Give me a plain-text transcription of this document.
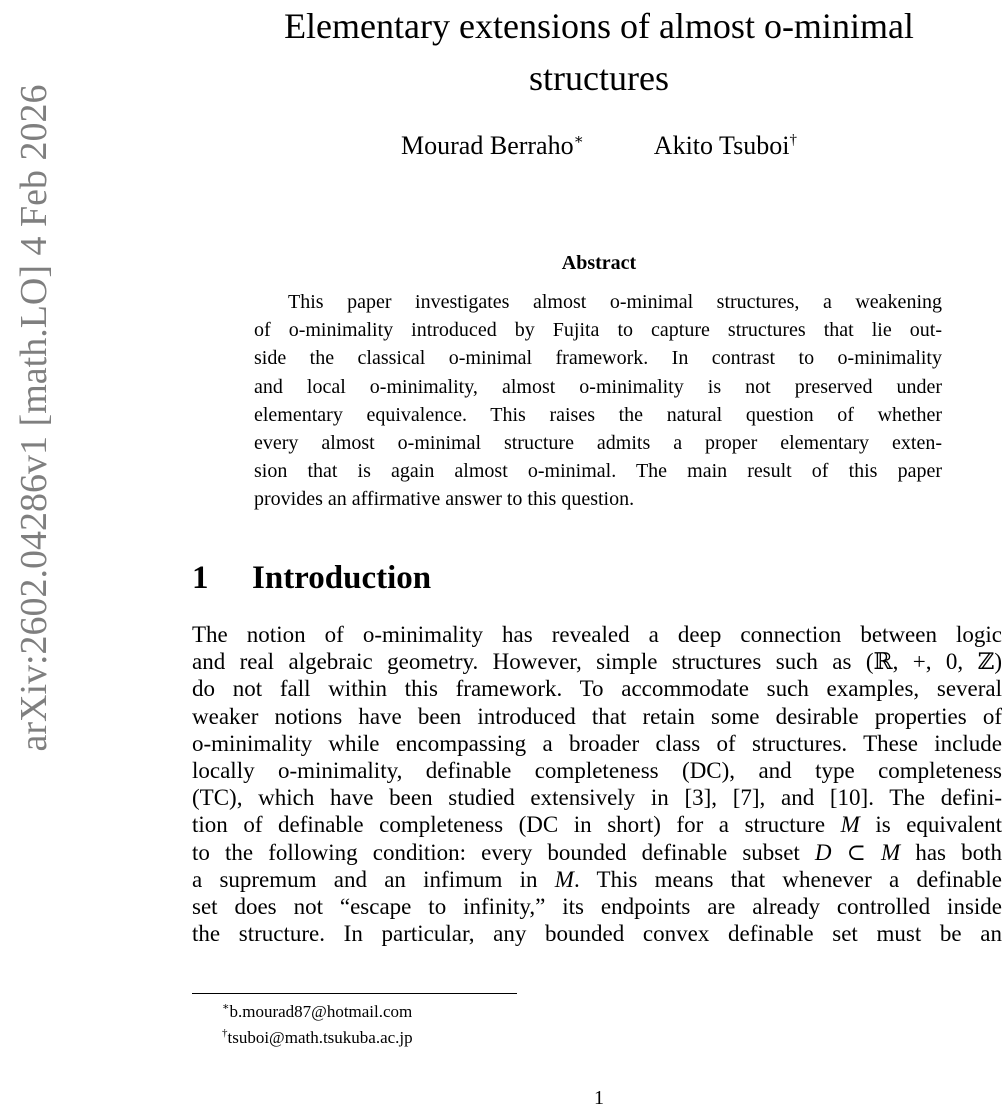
arXiv:2602.04286v1 [math.LO] 4 Feb 2026
Elementary extensions of almost o-minimal
structures
Mourad Berraho∗	Akito Tsuboi†
Abstract
This paper investigates almost o-minimal structures, a weakening
of o-minimality introduced by Fujita to capture structures that lie out-
side the classical o-minimal framework. In contrast to o-minimality
and local o-minimality, almost o-minimality is not preserved under
elementary equivalence. This raises the natural question of whether
every almost o-minimal structure admits a proper elementary exten-
sion that is again almost o-minimal. The main result of this paper
provides an affirmative answer to this question.
1 Introduction
The notion of o-minimality has revealed a deep connection between logic
and real algebraic geometry. However, simple structures such as (ℝ, +, 0, ℤ)
do not fall within this framework. To accommodate such examples, several
weaker notions have been introduced that retain some desirable properties of
o-minimality while encompassing a broader class of structures. These include
locally o-minimality, definable completeness (DC), and type completeness
(TC), which have been studied extensively in [3], [7], and [10]. The defini-
tion of definable completeness (DC in short) for a structure M is equivalent
to the following condition: every bounded definable subset D ⊂ M has both
a supremum and an infimum in M. This means that whenever a definable
set does not “escape to infinity,” its endpoints are already controlled inside
the structure. In particular, any bounded convex definable set must be an
∗b.mourad87@hotmail.com
†tsuboi@math.tsukuba.ac.jp
1
